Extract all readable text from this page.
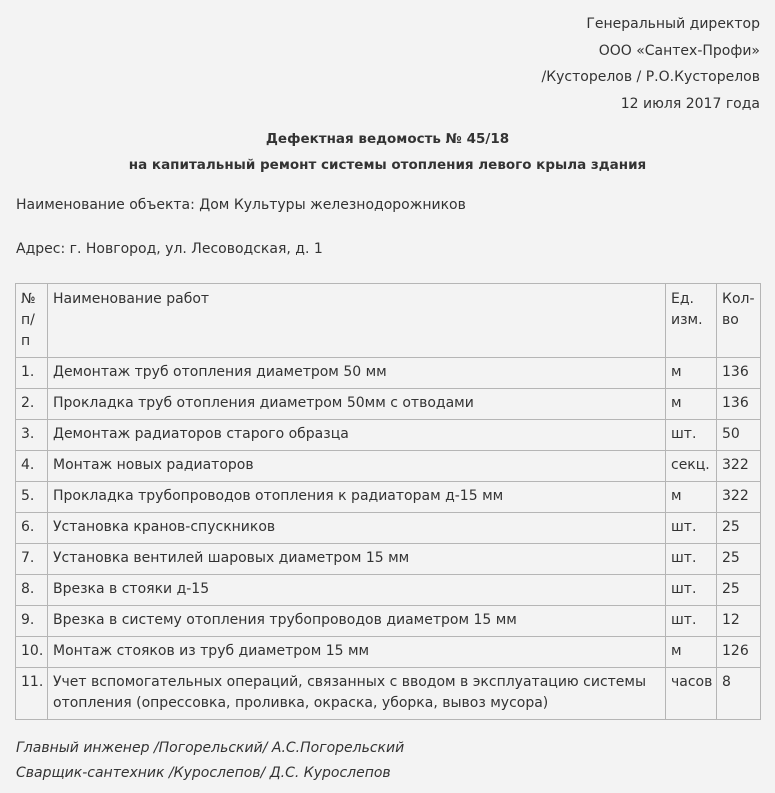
Генеральный директор
ООО «Сантех-Профи»
/Кусторелов / Р.О.Кусторелов
12 июля 2017 года
Дефектная ведомость № 45/18
на капитальный ремонт системы отопления левого крыла здания
Наименование объекта: Дом Культуры железнодорожников
Адрес: г. Новгород, ул. Лесоводская, д. 1
№ п/п	Наименование работ	Ед. изм.	Кол-во
1.	Демонтаж труб отопления диаметром 50 мм	м	136
2.	Прокладка труб отопления диаметром 50мм с отводами	м	136
3.	Демонтаж радиаторов старого образца	шт.	50
4.	Монтаж новых радиаторов	секц.	322
5.	Прокладка трубопроводов отопления к радиаторам д-15 мм	м	322
6.	Установка кранов-спускников	шт.	25
7.	Установка вентилей шаровых диаметром 15 мм	шт.	25
8.	Врезка в стояки д-15	шт.	25
9.	Врезка в систему отопления трубопроводов диаметром 15 мм	шт.	12
10.	Монтаж стояков из труб диаметром 15 мм	м	126
11.	Учет вспомогательных операций, связанных с вводом в эксплуатацию системы отопления (опрессовка, проливка, окраска, уборка, вывоз мусора)	часов	8
Главный инженер /Погорельский/ А.С.Погорельский
Сварщик-сантехник /Курослепов/ Д.С. Курослепов
